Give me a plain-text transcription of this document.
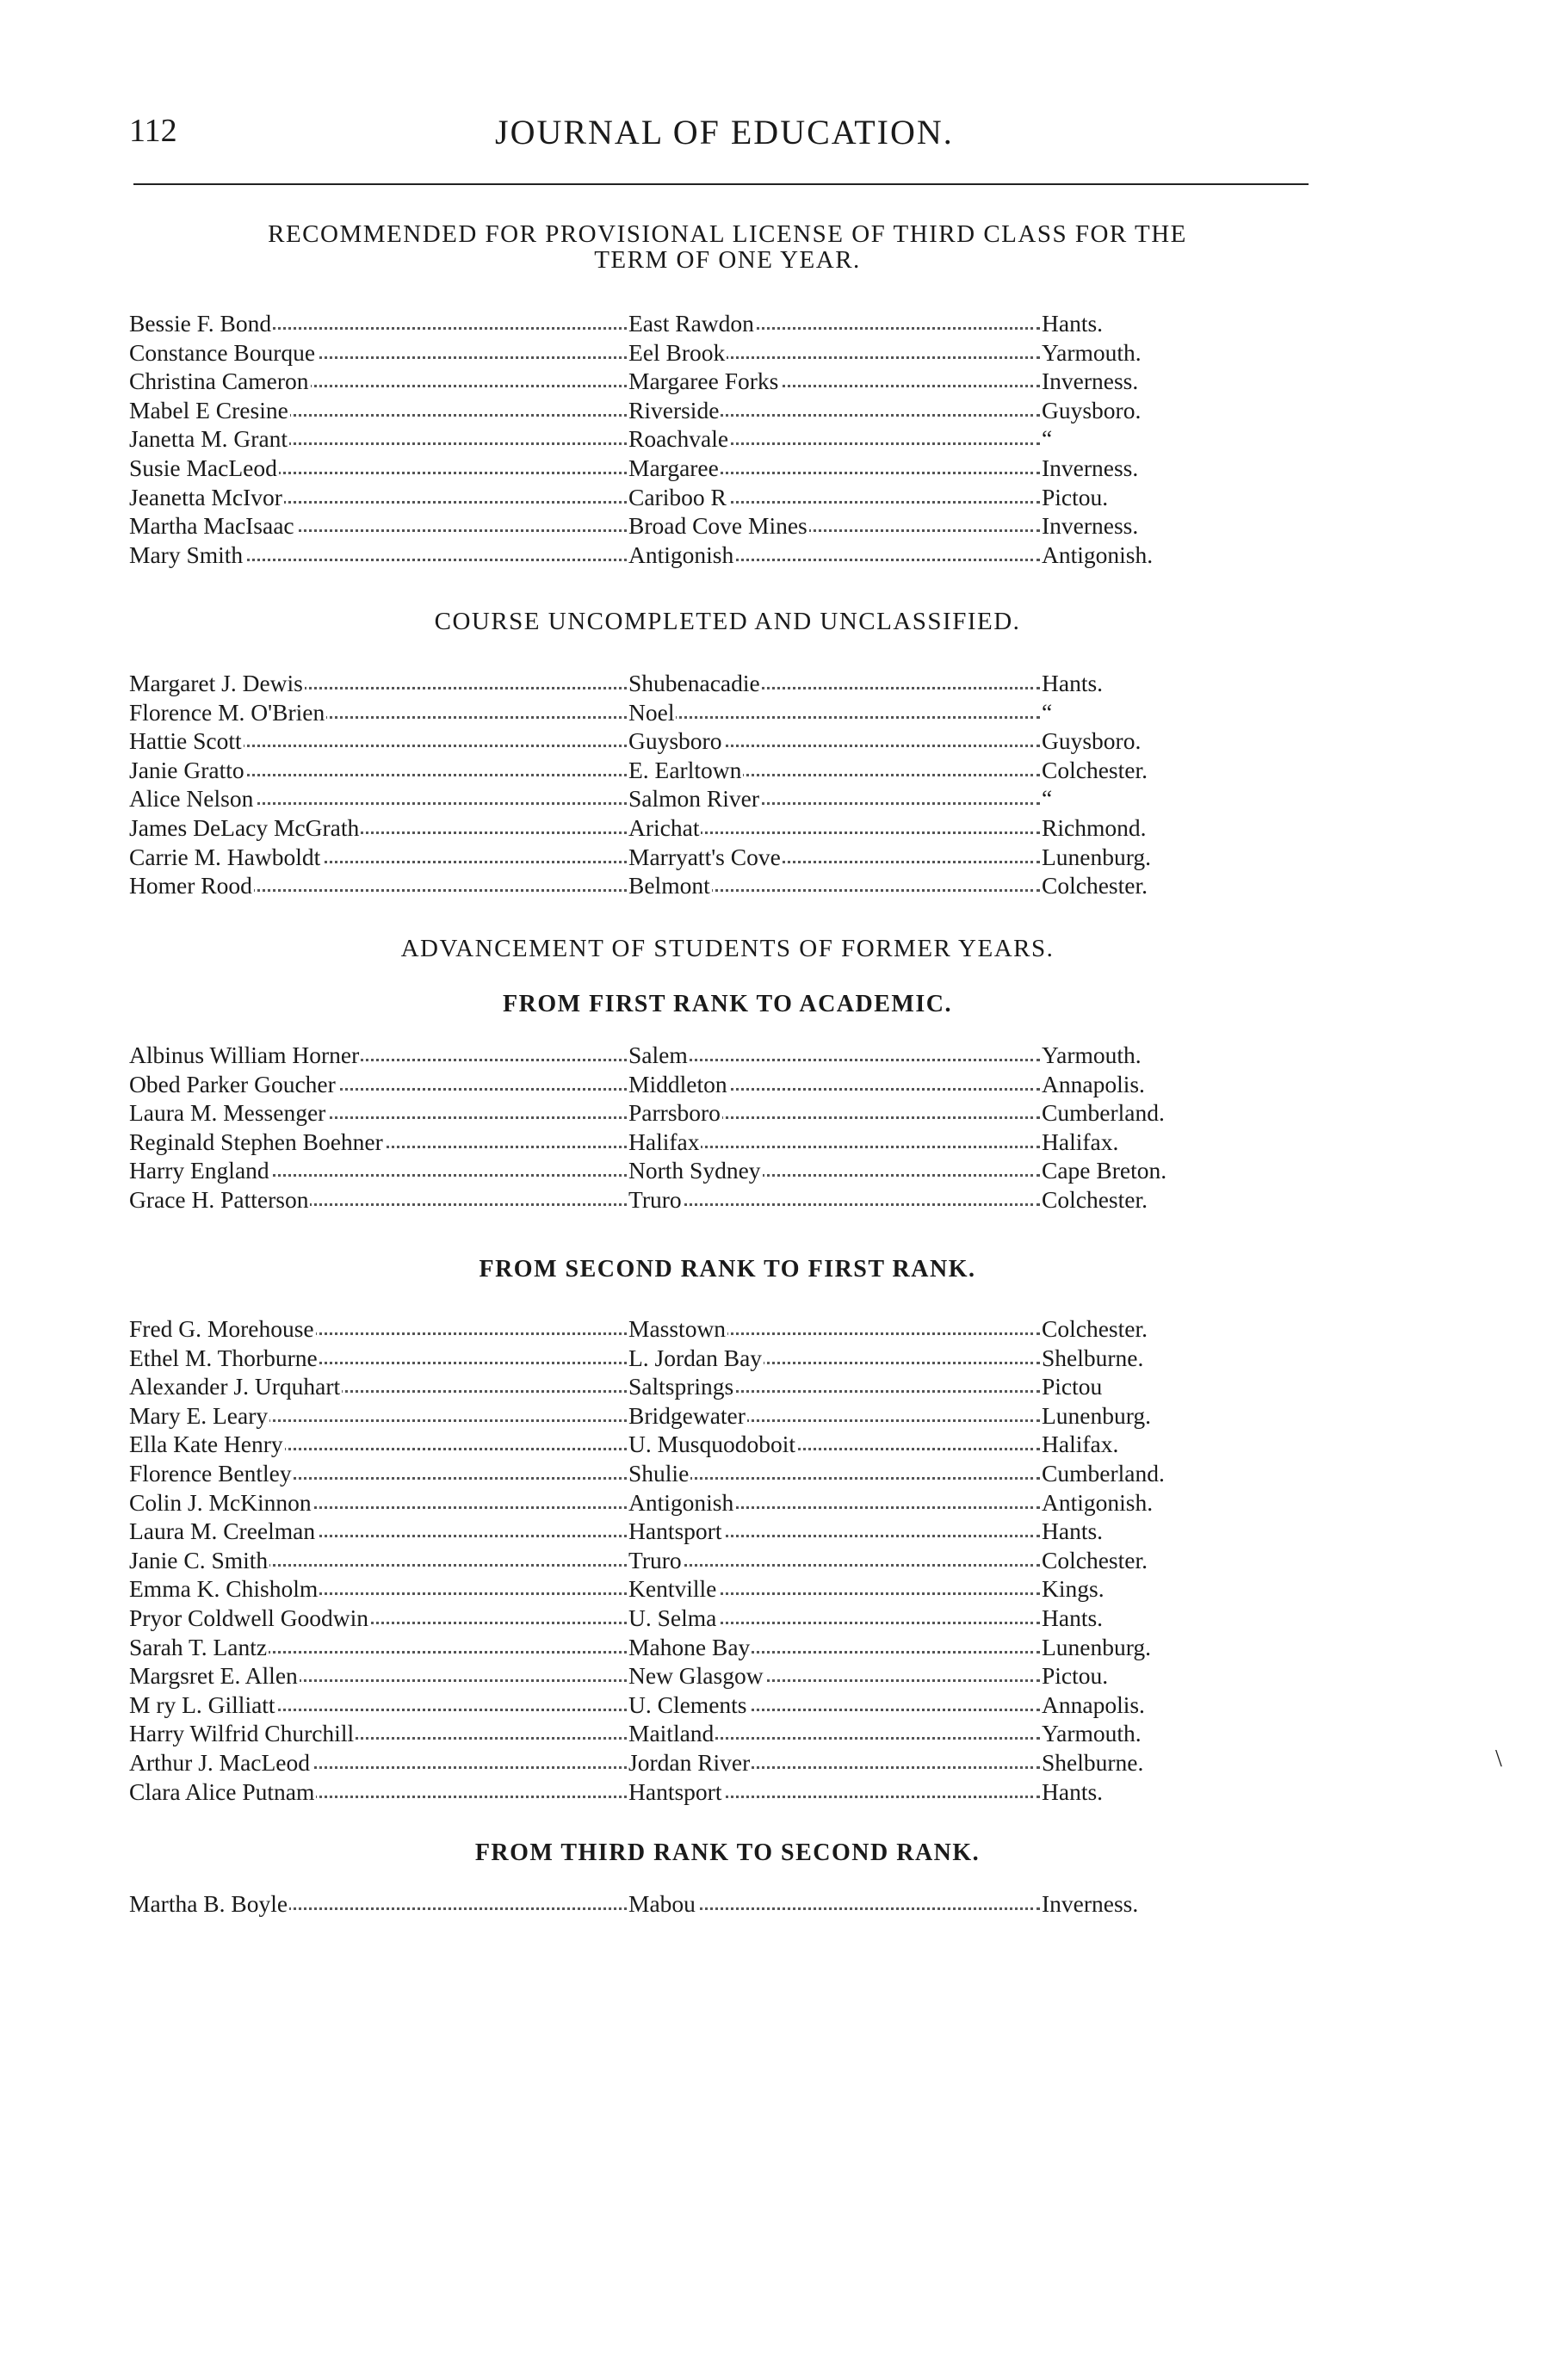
112	JOURNAL OF EDUCATION.
RECOMMENDED FOR PROVISIONAL LICENSE OF THIRD CLASS FOR THE
TERM OF ONE YEAR.
Bessie F. Bond	East Rawdon	Hants.
Constance Bourque	Eel Brook	Yarmouth.
Christina Cameron	Margaree Forks	Inverness.
Mabel E Cresine	Riverside	Guysboro.
Janetta M. Grant	Roachvale	“
Susie MacLeod	Margaree	Inverness.
Jeanetta McIvor	Cariboo R	Pictou.
Martha MacIsaac	Broad Cove Mines	Inverness.
Mary Smith	Antigonish	Antigonish.
COURSE UNCOMPLETED AND UNCLASSIFIED.
Margaret J. Dewis	Shubenacadie	Hants.
Florence M. O'Brien	Noel	“
Hattie Scott	Guysboro	Guysboro.
Janie Gratto	E. Earltown	Colchester.
Alice Nelson	Salmon River	“
James DeLacy McGrath	Arichat	Richmond.
Carrie M. Hawboldt	Marryatt's Cove	Lunenburg.
Homer Rood	Belmont	Colchester.
ADVANCEMENT OF STUDENTS OF FORMER YEARS.
FROM FIRST RANK TO ACADEMIC.
Albinus William Horner	Salem	Yarmouth.
Obed Parker Goucher	Middleton	Annapolis.
Laura M. Messenger	Parrsboro	Cumberland.
Reginald Stephen Boehner	Halifax	Halifax.
Harry England	North Sydney	Cape Breton.
Grace H. Patterson	Truro	Colchester.
FROM SECOND RANK TO FIRST RANK.
Fred G. Morehouse	Masstown	Colchester.
Ethel M. Thorburne	L. Jordan Bay	Shelburne.
Alexander J. Urquhart	Saltsprings	Pictou
Mary E. Leary	Bridgewater	Lunenburg.
Ella Kate Henry	U. Musquodoboit	Halifax.
Florence Bentley	Shulie	Cumberland.
Colin J. McKinnon	Antigonish	Antigonish.
Laura M. Creelman	Hantsport	Hants.
Janie C. Smith	Truro	Colchester.
Emma K. Chisholm	Kentville	Kings.
Pryor Coldwell Goodwin	U. Selma	Hants.
Sarah T. Lantz	Mahone Bay	Lunenburg.
Margsret E. Allen	New Glasgow	Pictou.
M ry L. Gilliatt	U. Clements	Annapolis.
Harry Wilfrid Churchill	Maitland	Yarmouth.
Arthur J. MacLeod	Jordan River	Shelburne.
Clara Alice Putnam	Hantsport	Hants.
FROM THIRD RANK TO SECOND RANK.
Martha B. Boyle	Mabou	Inverness.
\
